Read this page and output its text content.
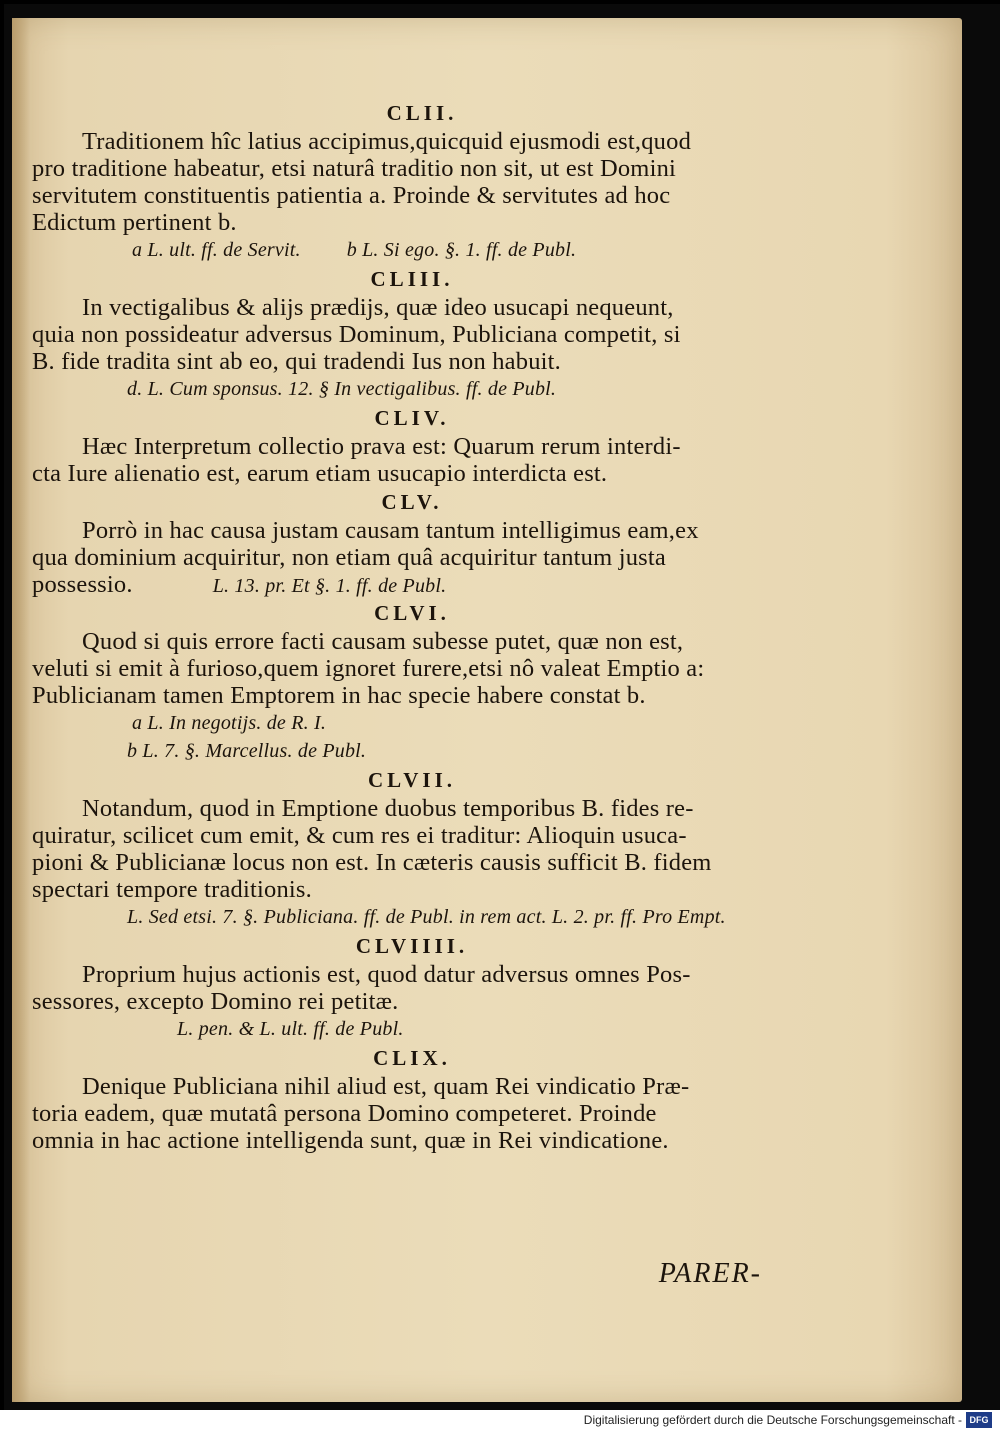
CLII.
Traditionem hîc latius accipimus,quicquid ejusmodi est,quod
pro traditione habeatur, etsi naturâ traditio non sit, ut est Domini
servitutem constituentis patientia a. Proinde & servitutes ad hoc
Edictum pertinent b.
a L. ult. ff. de Servit. b L. Si ego. §. 1. ff. de Publ.
CLIII.
In vectigalibus & alijs prædijs, quæ ideo usucapi nequeunt,
quia non possideatur adversus Dominum, Publiciana competit, si
B. fide tradita sint ab eo, qui tradendi Ius non habuit.
d. L. Cum sponsus. 12. § In vectigalibus. ff. de Publ.
CLIV.
Hæc Interpretum collectio prava est: Quarum rerum interdi-
cta Iure alienatio est, earum etiam usucapio interdicta est.
CLV.
Porrò in hac causa justam causam tantum intelligimus eam,ex
qua dominium acquiritur, non etiam quâ acquiritur tantum justa
possessio.	L. 13. pr. Et §. 1. ff. de Publ.
CLVI.
Quod si quis errore facti causam subesse putet, quæ non est,
veluti si emit à furioso,quem ignoret furere,etsi nô valeat Emptio a:
Publicianam tamen Emptorem in hac specie habere constat b.
a L. In negotijs. de R. I.
b L. 7. §. Marcellus. de Publ.
CLVII.
Notandum, quod in Emptione duobus temporibus B. fides re-
quiratur, scilicet cum emit, & cum res ei traditur: Alioquin usuca-
pioni & Publicianæ locus non est. In cæteris causis sufficit B. fidem
spectari tempore traditionis.
L. Sed etsi. 7. §. Publiciana. ff. de Publ. in rem act. L. 2. pr. ff. Pro Empt.
CLVIIII.
Proprium hujus actionis est, quod datur adversus omnes Pos-
sessores, excepto Domino rei petitæ.
L. pen. & L. ult. ff. de Publ.
CLIX.
Denique Publiciana nihil aliud est, quam Rei vindicatio Præ-
toria eadem, quæ mutatâ persona Domino competeret. Proinde
omnia in hac actione intelligenda sunt, quæ in Rei vindicatione.
PARER-
Digitalisierung gefördert durch die Deutsche Forschungsgemeinschaft - DFG
